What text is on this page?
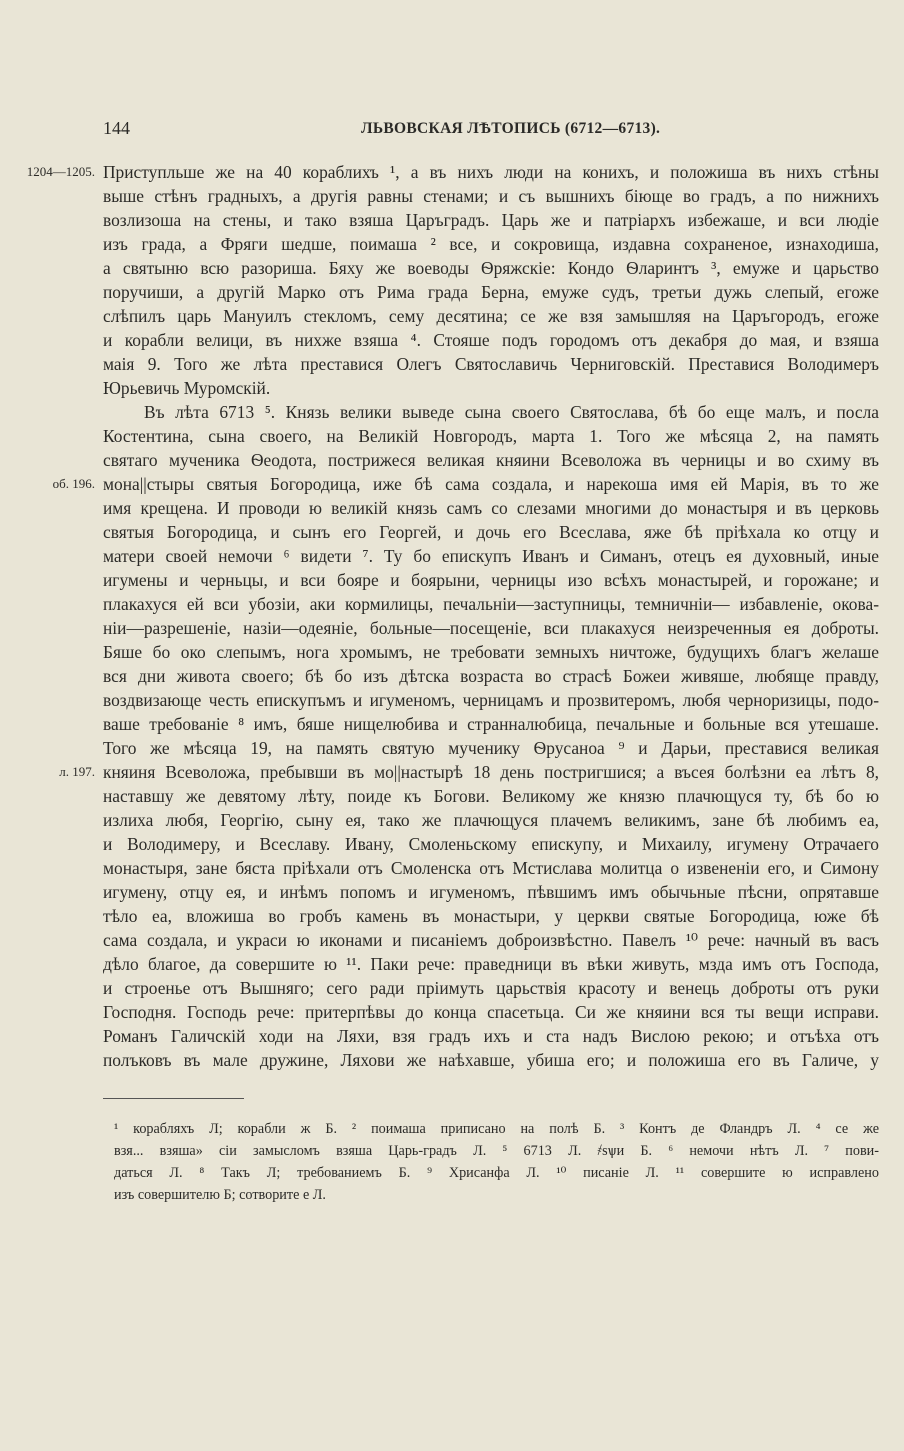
144	ЛЬВОВСКАЯ ЛѢТОПИСЬ (6712—6713).
1204—1205. Приступльше же на 40 кораблихъ ¹, а въ нихъ люди на конихъ, и положиша въ нихъ стѣны
выше стѣнъ градныхъ, а другія равны стенами; и съ вышнихъ біюще во градъ, а по нижнихъ
возлизоша на стены, и тако взяша Царъградъ. Царь же и патріархъ избежаше, и вси людіе
изъ града, а Фряги шедше, поимаша ² все, и сокровища, издавна сохраненое, изнаходиша,
а святыню всю разориша. Бяху же воеводы Ѳряжскіе: Кондо Ѳларинтъ ³, емуже и царьство
поручиши, а другій Марко отъ Рима града Берна, емуже судъ, третьи дужь слепый, егоже
слѣпилъ царь Мануилъ стекломъ, сему десятина; се же взя замышляя на Царъгородъ, егоже
и корабли велици, въ нихже взяша ⁴. Стояше подъ городомъ отъ декабря до мая, и взяша
маія 9. Того же лѣта преставися Олегъ Святославичь Черниговскій. Преставися Володимеръ
Юрьевичь Муромскій.
Въ лѣта 6713 ⁵. Князь велики выведе сына своего Святослава, бѣ бо еще малъ, и посла
Костентина, сына своего, на Великій Новгородъ, марта 1. Того же мѣсяца 2, на память
святаго мученика Ѳеодота, пострижеся великая княини Всеволожа въ черницы и во схиму въ
об. 196. мона||стыры святыя Богородица, иже бѣ сама создала, и нарекоша имя ей Марія, въ то же
имя крещена. И проводи ю великій князь самъ со слезами многими до монастыря и въ церковь
святыя Богородица, и сынъ его Георгей, и дочь его Всеслава, яже бѣ пріѣхала ко отцу и
матери своей немочи ⁶ видети ⁷. Ту бо епискупъ Иванъ и Симанъ, отецъ ея духовный, иные
игумены и черньцы, и вси бояре и боярыни, черницы изо всѣхъ монастырей, и горожане; и
плакахуся ей вси убозіи, аки кормилицы, печальніи—заступницы, темничніи— избавленіе, окова-
ніи—разрешеніе, назіи—одеяніе, больные—посещеніе, вси плакахуся неизреченныя ея доброты.
Бяше бо око слепымъ, нога хромымъ, не требовати земныхъ ничтоже, будущихъ благъ желаше
вся дни живота своего; бѣ бо изъ дѣтска возраста во страсѣ Божеи живяше, любяще правду,
воздвизающе честь епискупъмъ и игуменомъ, черницамъ и прозвитеромъ, любя черноризицы, подо-
ваше требованіе ⁸ имъ, бяше нищелюбива и странналюбица, печальные и больные вся утешаше.
Того же мѣсяца 19, на память святую мученику Ѳрусаноа ⁹ и Дарьи, преставися великая
л. 197. княиня Всеволожа, пребывши въ мо||настырѣ 18 день постригшися; а въсея болѣзни еа лѣтъ 8,
наставшу же девятому лѣту, поиде къ Богови. Великому же князю плачющуся ту, бѣ бо ю
излиха любя, Георгію, сыну ея, тако же плачющуся плачемъ великимъ, зане бѣ любимъ еа,
и Володимеру, и Всеславу. Ивану, Смоленьскому епискупу, и Михаилу, игумену Отрачаего
монастыря, зане бяста пріѣхали отъ Смоленска отъ Мстислава молитца о извененіи его, и Симону
игумену, отцу ея, и инѣмъ попомъ и игуменомъ, пѣвшимъ имъ обычьные пѣсни, опрятавше
тѣло еа, вложиша во гробъ камень въ монастыри, у церкви святые Богородица, юже бѣ
сама создала, и украси ю иконами и писаніемъ доброизвѣстно. Павелъ ¹⁰ рече: начный въ васъ
дѣло благое, да совершите ю ¹¹. Паки рече: праведници въ вѣки живуть, мзда имъ отъ Господа,
и строенье отъ Вышняго; сего ради пріимуть царьствія красоту и венець доброты отъ руки
Господня. Господь рече: притерпѣвы до конца спасетьца. Си же княини вся ты вещи исправи.
Романъ Галичскій ходи на Ляхи, взя градъ ихъ и ста надъ Вислою рекою; и отъѣха отъ
полъковъ въ мале дружине, Ляхови же наѣхавше, убиша его; и положиша его въ Галиче, у
¹ корабляхъ Л; корабли ж Б. ² поимаша приписано на полѣ Б. ³ Контъ де Фландръ Л. ⁴ се же
взя... взяша» сіи замысломъ взяша Царь-градъ Л. ⁵ 6713 Л. ҂ѕѱи Б. ⁶ немочи нѣтъ Л. ⁷ пови-
даться Л. ⁸ Такъ Л; требованиемъ Б. ⁹ Хрисанфа Л. ¹⁰ писаніе Л. ¹¹ совершите ю исправлено
изъ совершителю Б; сотворите е Л.
